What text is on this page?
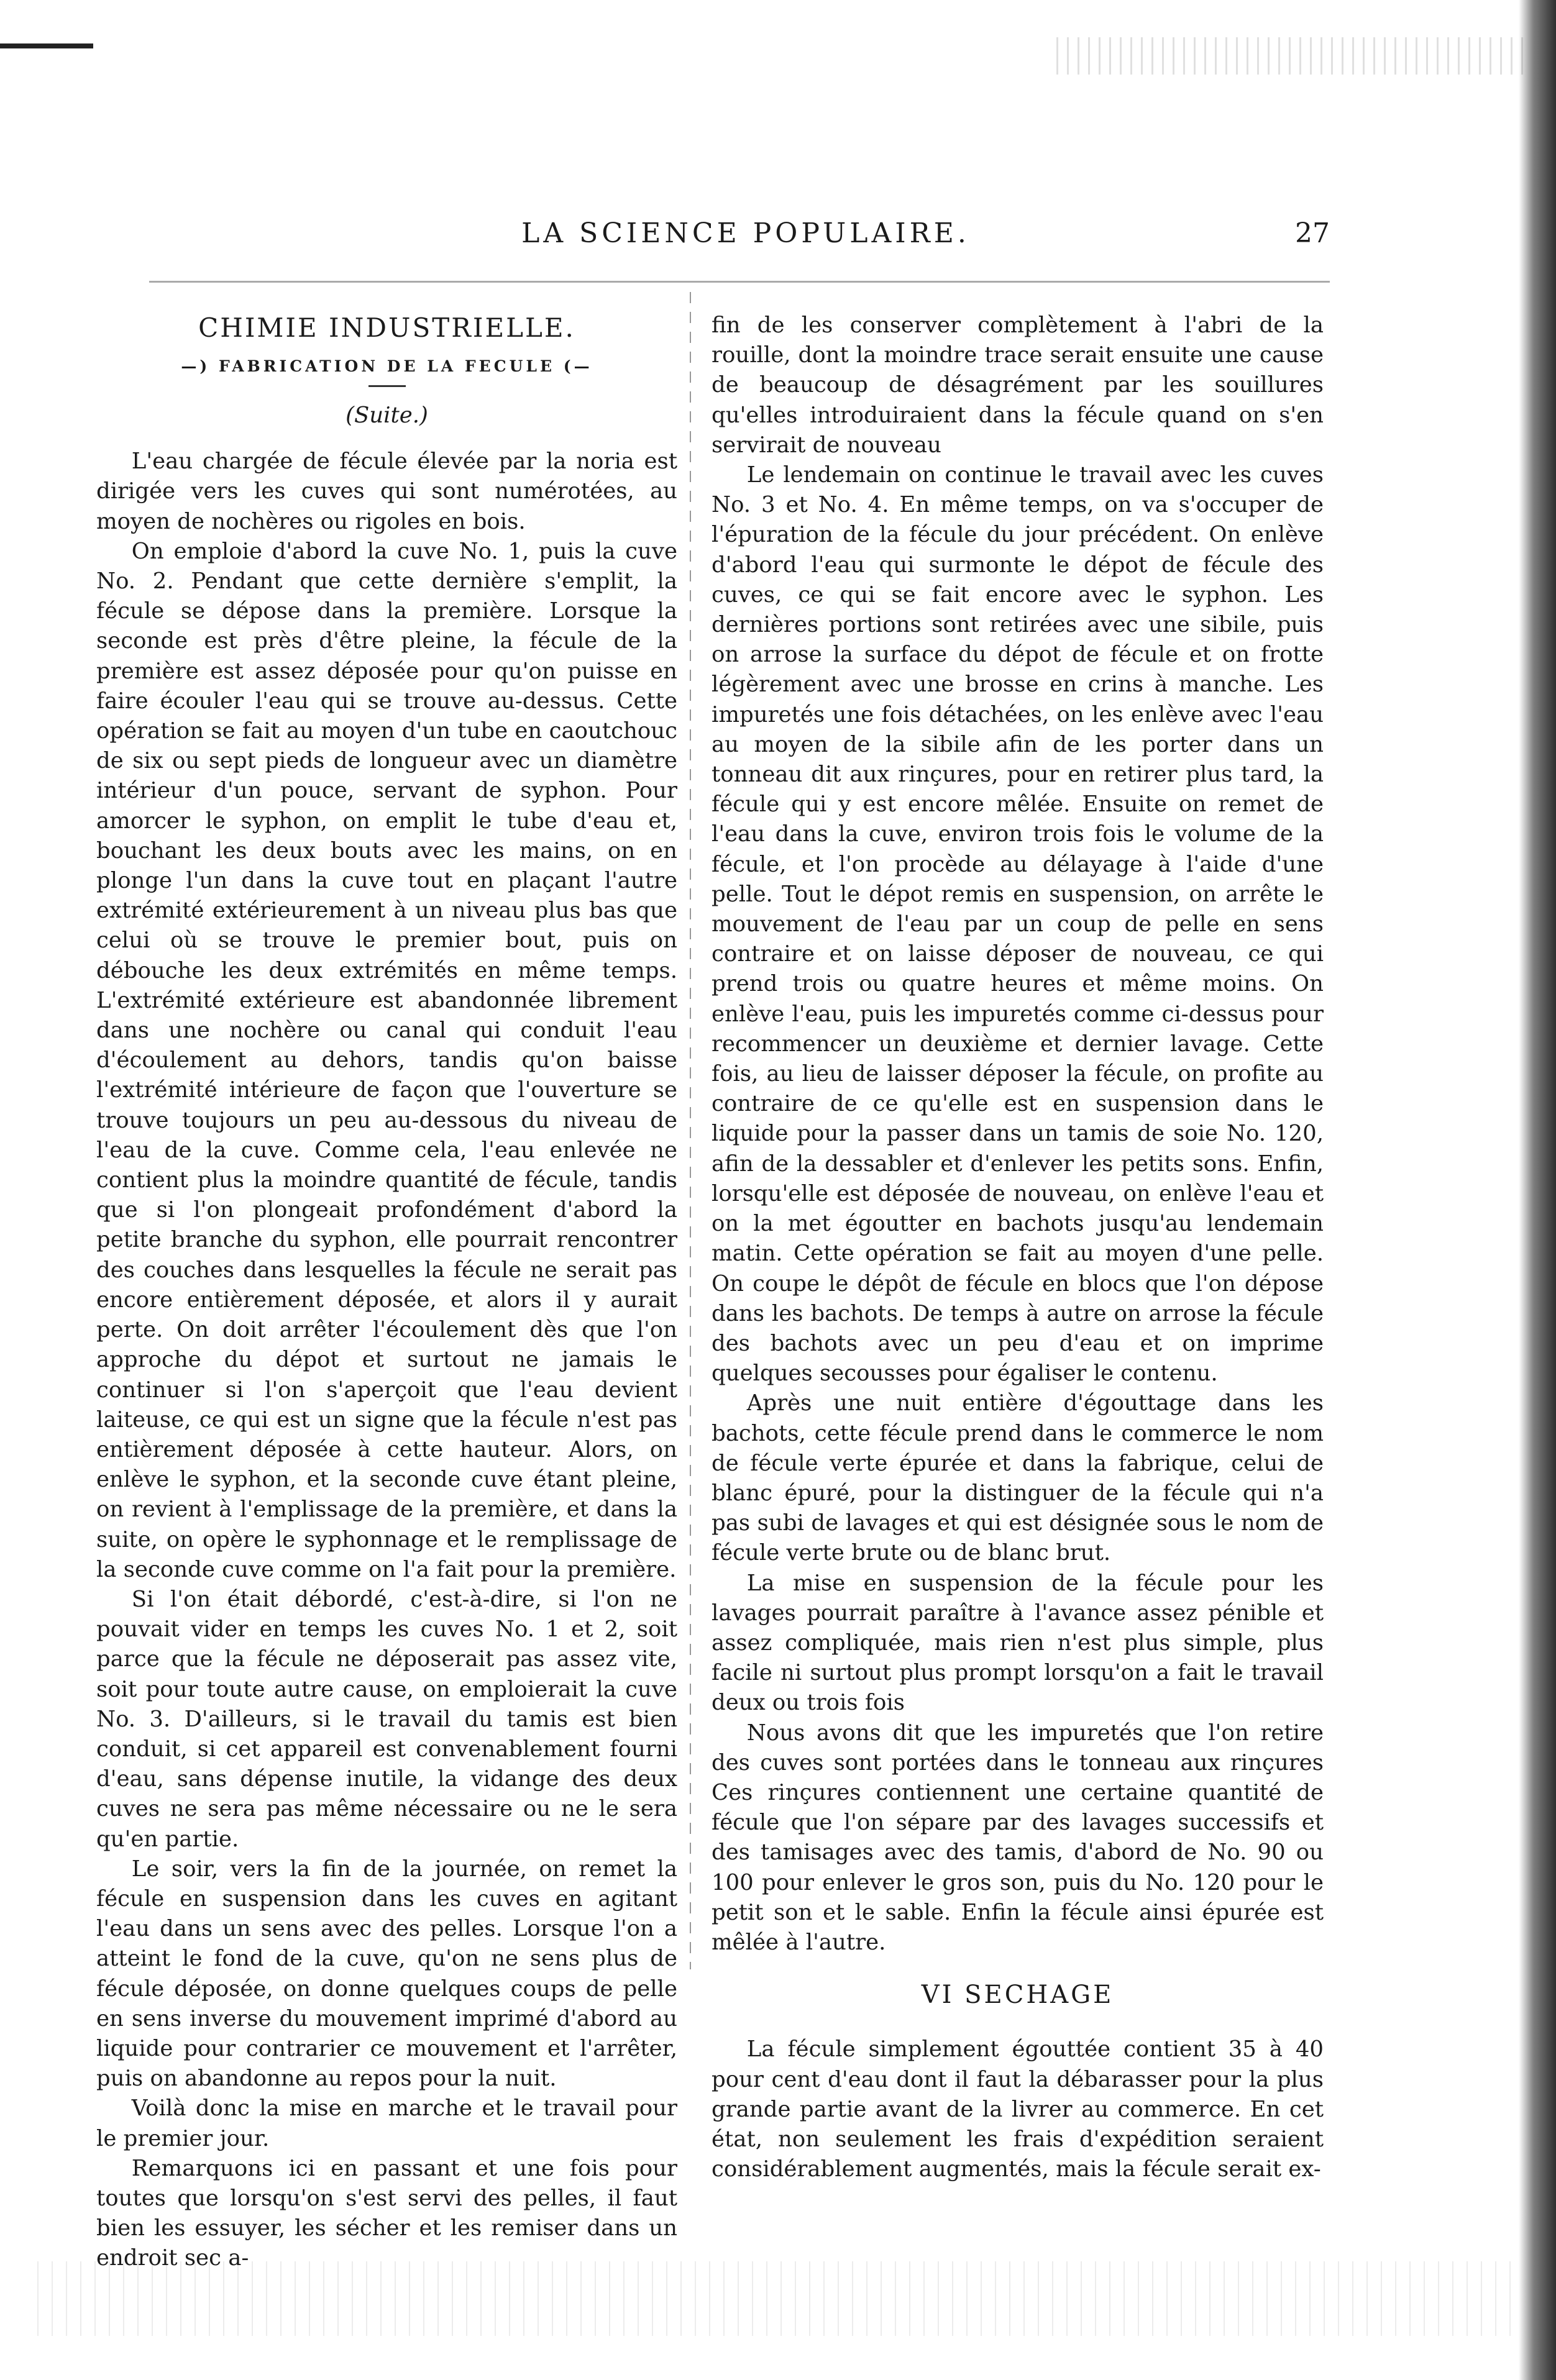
LA SCIENCE POPULAIRE.	27
CHIMIE INDUSTRIELLE.
—) FABRICATION DE LA FECULE (—
(Suite.)

L'eau chargée de fécule élevée par la noria est dirigée vers les cuves qui sont numérotées, au moyen de nochères ou rigoles en bois.

On emploie d'abord la cuve No. 1, puis la cuve No. 2. Pendant que cette dernière s'emplit, la fécule se dépose dans la première. Lorsque la seconde est près d'être pleine, la fécule de la première est assez déposée pour qu'on puisse en faire écouler l'eau qui se trouve au-dessus. Cette opération se fait au moyen d'un tube en caoutchouc de six ou sept pieds de longueur avec un diamètre intérieur d'un pouce, servant de syphon. Pour amorcer le syphon, on emplit le tube d'eau et, bouchant les deux bouts avec les mains, on en plonge l'un dans la cuve tout en plaçant l'autre extrémité extérieurement à un niveau plus bas que celui où se trouve le premier bout, puis on débouche les deux extrémités en même temps. L'extrémité extérieure est abandonnée librement dans une nochère ou canal qui conduit l'eau d'écoulement au dehors, tandis qu'on baisse l'extrémité intérieure de façon que l'ouverture se trouve toujours un peu au-dessous du niveau de l'eau de la cuve. Comme cela, l'eau enlevée ne contient plus la moindre quantité de fécule, tandis que si l'on plongeait profondément d'abord la petite branche du syphon, elle pourrait rencontrer des couches dans lesquelles la fécule ne serait pas encore entièrement déposée, et alors il y aurait perte. On doit arrêter l'écoulement dès que l'on approche du dépot et surtout ne jamais le continuer si l'on s'aperçoit que l'eau devient laiteuse, ce qui est un signe que la fécule n'est pas entièrement déposée à cette hauteur. Alors, on enlève le syphon, et la seconde cuve étant pleine, on revient à l'emplissage de la première, et dans la suite, on opère le syphonnage et le remplissage de la seconde cuve comme on l'a fait pour la première.

Si l'on était débordé, c'est-à-dire, si l'on ne pouvait vider en temps les cuves No. 1 et 2, soit parce que la fécule ne déposerait pas assez vite, soit pour toute autre cause, on emploierait la cuve No. 3. D'ailleurs, si le travail du tamis est bien conduit, si cet appareil est convenablement fourni d'eau, sans dépense inutile, la vidange des deux cuves ne sera pas même nécessaire ou ne le sera qu'en partie.

Le soir, vers la fin de la journée, on remet la fécule en suspension dans les cuves en agitant l'eau dans un sens avec des pelles. Lorsque l'on a atteint le fond de la cuve, qu'on ne sens plus de fécule déposée, on donne quelques coups de pelle en sens inverse du mouvement imprimé d'abord au liquide pour contrarier ce mouvement et l'arrêter, puis on abandonne au repos pour la nuit.

Voilà donc la mise en marche et le travail pour le premier jour.

Remarquons ici en passant et une fois pour toutes que lorsqu'on s'est servi des pelles, il faut bien les essuyer, les sécher et les remiser dans un endroit sec a-

fin de les conserver complètement à l'abri de la rouille, dont la moindre trace serait ensuite une cause de beaucoup de désagrément par les souillures qu'elles introduiraient dans la fécule quand on s'en servirait de nouveau

Le lendemain on continue le travail avec les cuves No. 3 et No. 4. En même temps, on va s'occuper de l'épuration de la fécule du jour précédent. On enlève d'abord l'eau qui surmonte le dépot de fécule des cuves, ce qui se fait encore avec le syphon. Les dernières portions sont retirées avec une sibile, puis on arrose la surface du dépot de fécule et on frotte légèrement avec une brosse en crins à manche. Les impuretés une fois détachées, on les enlève avec l'eau au moyen de la sibile afin de les porter dans un tonneau dit aux rinçures, pour en retirer plus tard, la fécule qui y est encore mêlée. Ensuite on remet de l'eau dans la cuve, environ trois fois le volume de la fécule, et l'on procède au délayage à l'aide d'une pelle. Tout le dépot remis en suspension, on arrête le mouvement de l'eau par un coup de pelle en sens contraire et on laisse déposer de nouveau, ce qui prend trois ou quatre heures et même moins. On enlève l'eau, puis les impuretés comme ci-dessus pour recommencer un deuxième et dernier lavage. Cette fois, au lieu de laisser déposer la fécule, on profite au contraire de ce qu'elle est en suspension dans le liquide pour la passer dans un tamis de soie No. 120, afin de la dessabler et d'enlever les petits sons. Enfin, lorsqu'elle est déposée de nouveau, on enlève l'eau et on la met égoutter en bachots jusqu'au lendemain matin. Cette opération se fait au moyen d'une pelle. On coupe le dépôt de fécule en blocs que l'on dépose dans les bachots. De temps à autre on arrose la fécule des bachots avec un peu d'eau et on imprime quelques secousses pour égaliser le contenu.

Après une nuit entière d'égouttage dans les bachots, cette fécule prend dans le commerce le nom de fécule verte épurée et dans la fabrique, celui de blanc épuré, pour la distinguer de la fécule qui n'a pas subi de lavages et qui est désignée sous le nom de fécule verte brute ou de blanc brut.

La mise en suspension de la fécule pour les lavages pourrait paraître à l'avance assez pénible et assez compliquée, mais rien n'est plus simple, plus facile ni surtout plus prompt lorsqu'on a fait le travail deux ou trois fois

Nous avons dit que les impuretés que l'on retire des cuves sont portées dans le tonneau aux rinçures Ces rinçures contiennent une certaine quantité de fécule que l'on sépare par des lavages successifs et des tamisages avec des tamis, d'abord de No. 90 ou 100 pour enlever le gros son, puis du No. 120 pour le petit son et le sable. Enfin la fécule ainsi épurée est mêlée à l'autre.

VI SECHAGE

La fécule simplement égouttée contient 35 à 40 pour cent d'eau dont il faut la débarasser pour la plus grande partie avant de la livrer au commerce. En cet état, non seulement les frais d'expédition seraient considérablement augmentés, mais la fécule serait ex-
